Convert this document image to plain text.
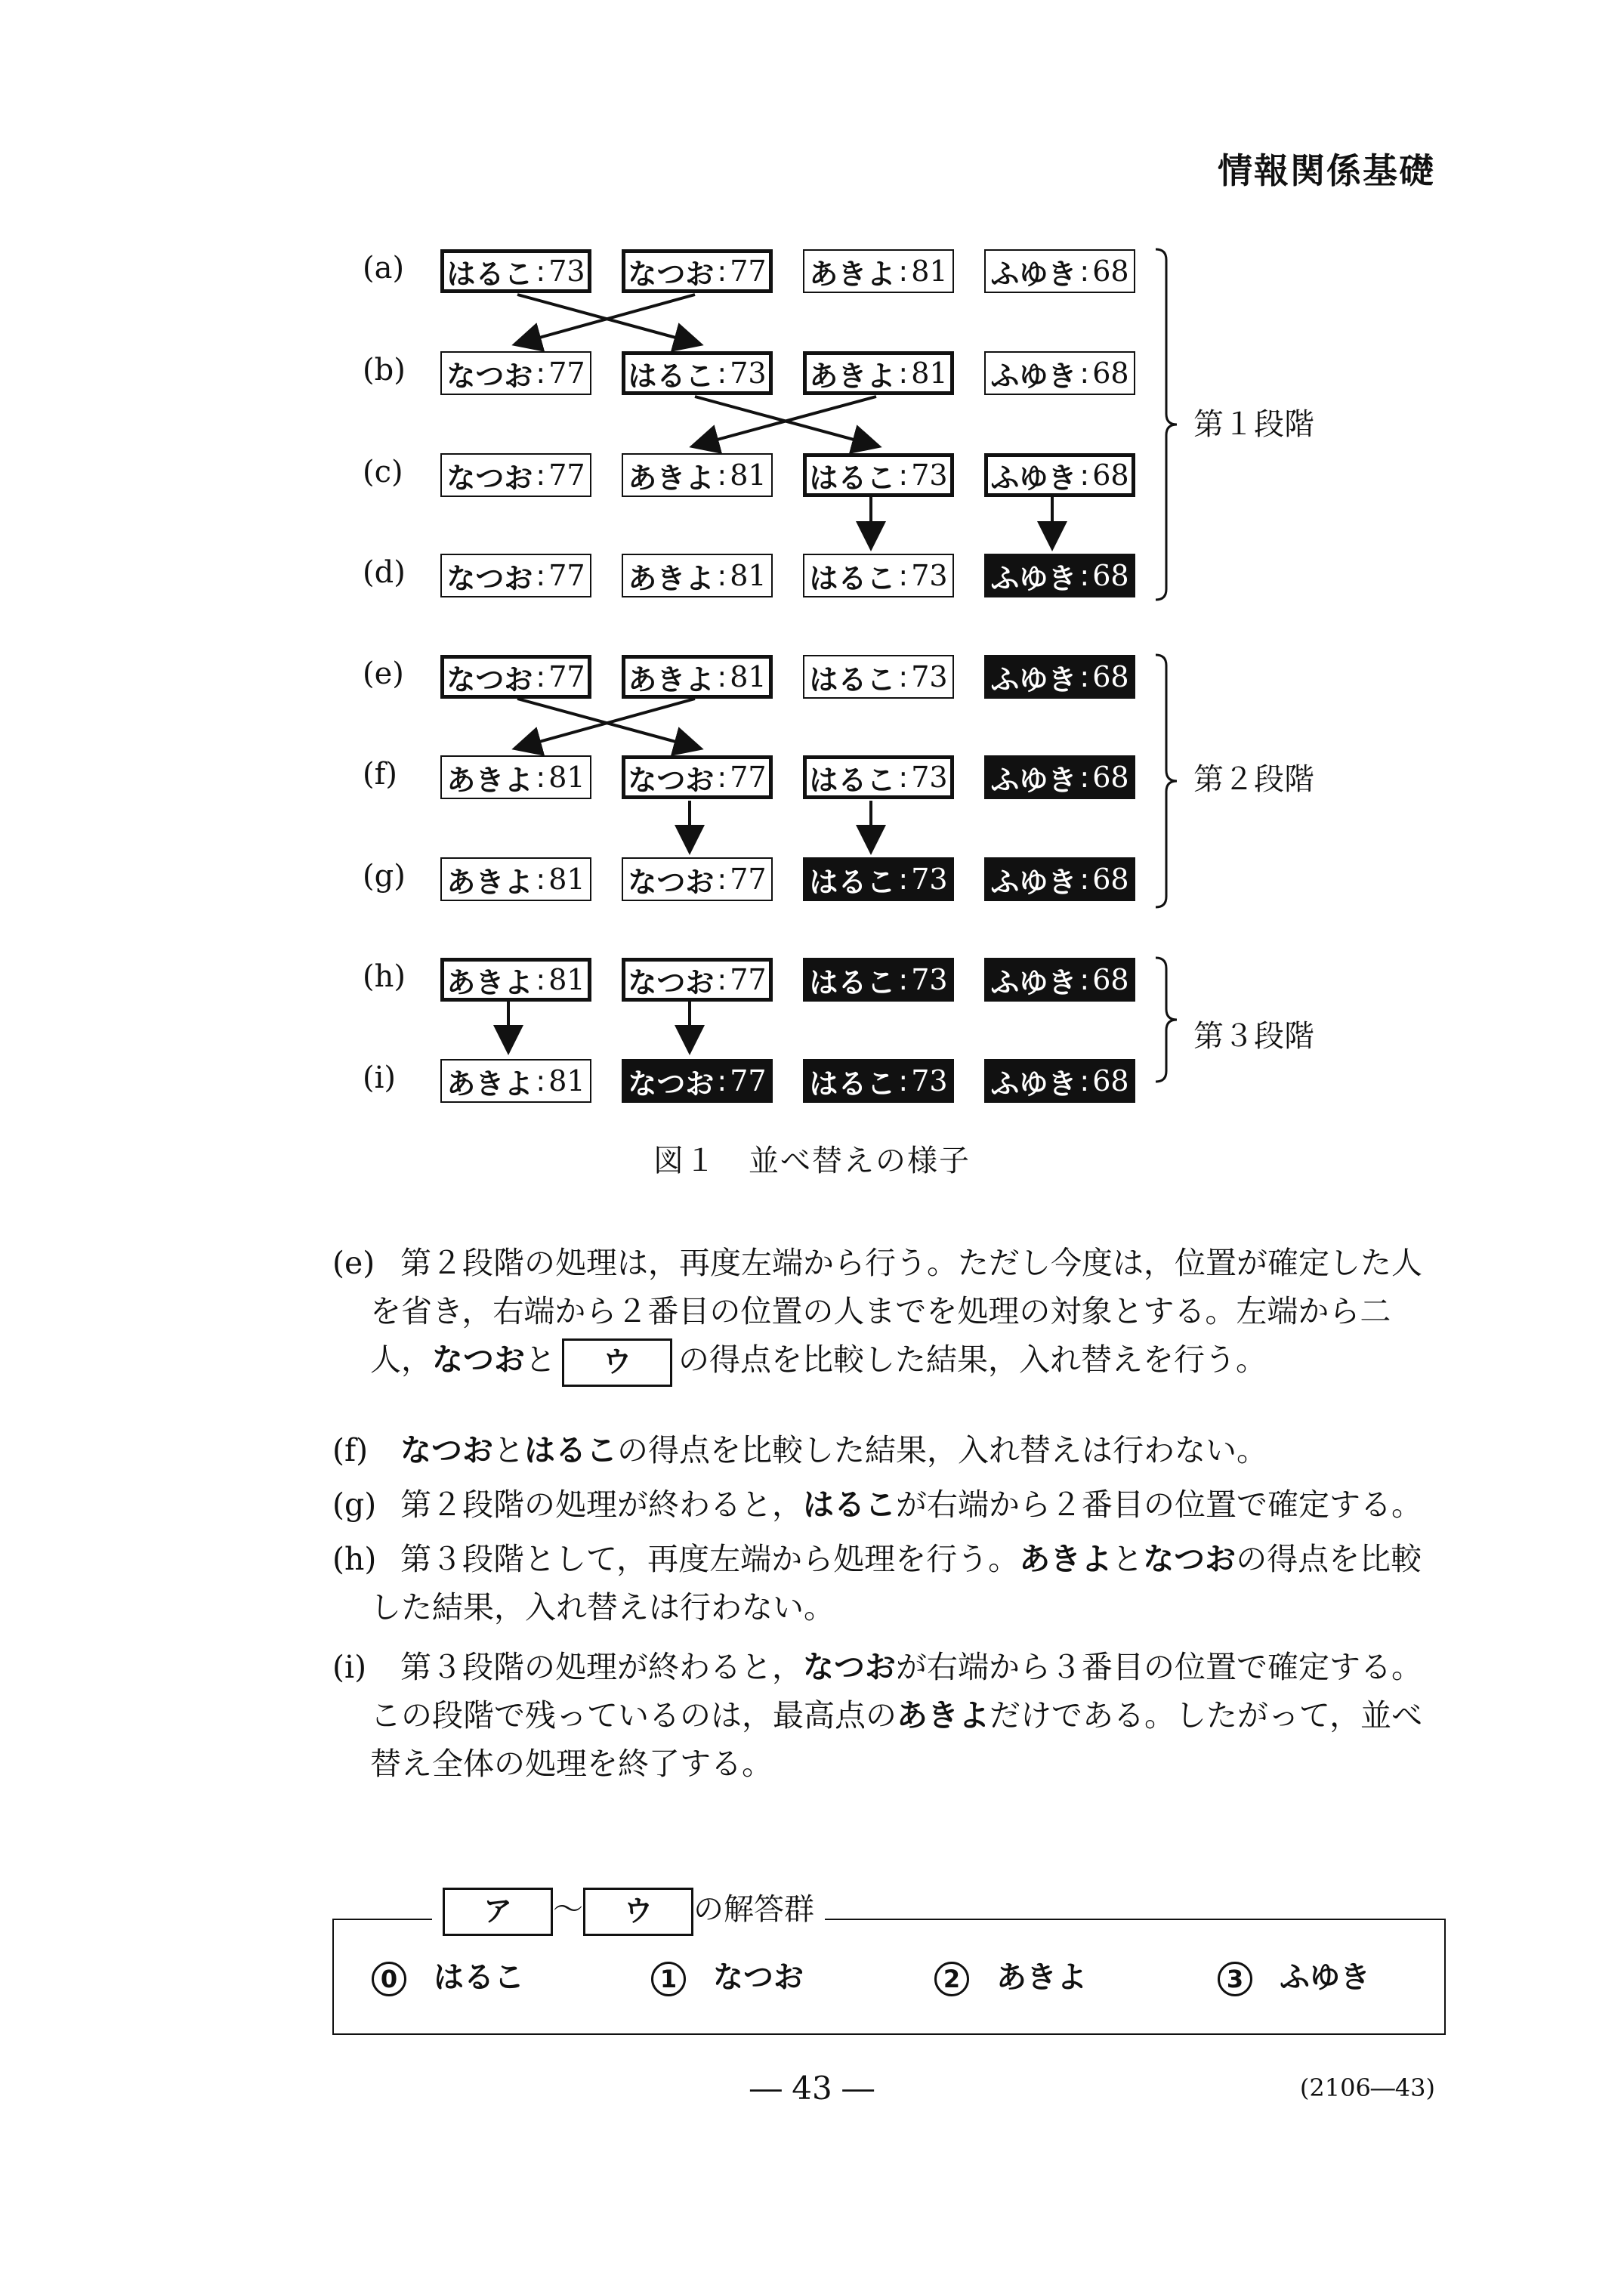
情報関係基礎
(a) はるこ : 73 なつお : 77 あきよ : 81 ふゆき : 68
(b) なつお : 77 はるこ : 73 あきよ : 81 ふゆき : 68
(c) なつお : 77 あきよ : 81 はるこ : 73 ふゆき : 68
(d) なつお : 77 あきよ : 81 はるこ : 73 ふゆき : 68
(e) なつお : 77 あきよ : 81 はるこ : 73 ふゆき : 68
(f)	あきよ : 81 なつお : 77 はるこ : 73 ふゆき : 68
(g) あきよ : 81 なつお : 77 はるこ : 73 ふゆき : 68
(h) あきよ : 81 なつお : 77 はるこ : 73 ふゆき : 68
(i)	あきよ : 81 なつお : 77 はるこ : 73 ふゆき : 68
第１段階
第２段階
第３段階
図１　並べ替えの様子
(e) 第２段階の処理は，再度左端から行う。ただし今度は，位置が確定した人
を省き，右端から２番目の位置の人までを処理の対象とする。左端から二
人，なつおと ウ の得点を比較した結果，入れ替えを行う。
(f) なつおとはるこの得点を比較した結果，入れ替えは行わない。
(g) 第２段階の処理が終わると，はるこが右端から２番目の位置で確定する。
(h) 第３段階として，再度左端から処理を行う。あきよとなつおの得点を比較
した結果，入れ替えは行わない。
(i) 第３段階の処理が終わると，なつおが右端から３番目の位置で確定する。
この段階で残っているのは，最高点のあきよだけである。したがって，並べ
替え全体の処理を終了する。
ア ～ ウ の解答群
0 はるこ	1 なつお	2 あきよ	3 ふゆき
― 43 ―	(2106―43)
